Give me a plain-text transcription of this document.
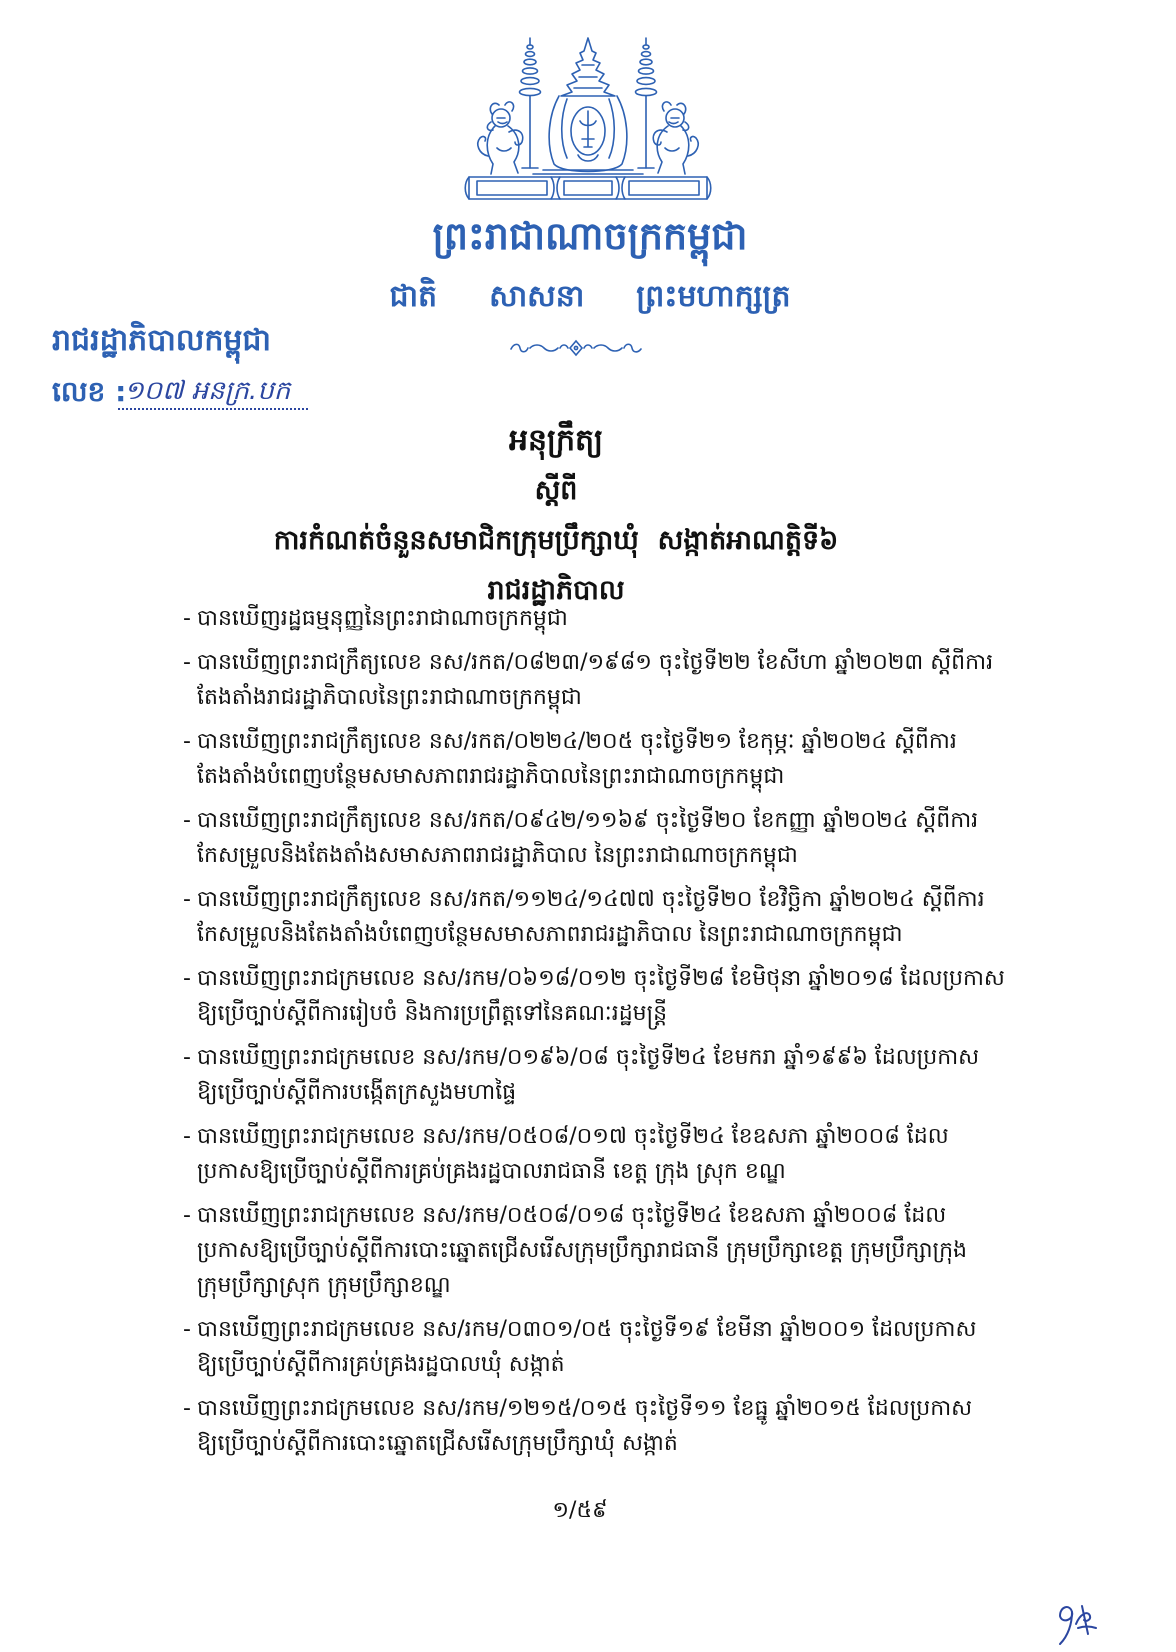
ព្រះរាជាណាចក្រកម្ពុជា
ជាតិ សាសនា ព្រះមហាក្សត្រ
រាជរដ្ឋាភិបាលកម្ពុជា
លេខ :
១០៧ អនក្រ.បក
អនុក្រឹត្យ
ស្តីពី
ការកំណត់ចំនួនសមាជិកក្រុមប្រឹក្សាឃុំ  សង្កាត់អាណត្តិទី៦
រាជរដ្ឋាភិបាល
- បានឃើញរដ្ឋធម្មនុញ្ញនៃព្រះរាជាណាចក្រកម្ពុជា
- បានឃើញព្រះរាជក្រឹត្យលេខ នស/រកត/០៨២៣/១៩៨១ ចុះថ្ងៃទី២២ ខែសីហា ឆ្នាំ២០២៣ ស្តីពីការ
តែងតាំងរាជរដ្ឋាភិបាលនៃព្រះរាជាណាចក្រកម្ពុជា
- បានឃើញព្រះរាជក្រឹត្យលេខ នស/រកត/០២២៤/២០៥ ចុះថ្ងៃទី២១ ខែកុម្ភៈ ឆ្នាំ២០២៤ ស្តីពីការ
តែងតាំងបំពេញបន្ថែមសមាសភាពរាជរដ្ឋាភិបាលនៃព្រះរាជាណាចក្រកម្ពុជា
- បានឃើញព្រះរាជក្រឹត្យលេខ នស/រកត/០៩៤២/១១៦៩ ចុះថ្ងៃទី២០ ខែកញ្ញា ឆ្នាំ២០២៤ ស្តីពីការ
កែសម្រួលនិងតែងតាំងសមាសភាពរាជរដ្ឋាភិបាល នៃព្រះរាជាណាចក្រកម្ពុជា
- បានឃើញព្រះរាជក្រឹត្យលេខ នស/រកត/១១២៤/១៤៧៧ ចុះថ្ងៃទី២០ ខែវិច្ឆិកា ឆ្នាំ២០២៤ ស្តីពីការ
កែសម្រួលនិងតែងតាំងបំពេញបន្ថែមសមាសភាពរាជរដ្ឋាភិបាល នៃព្រះរាជាណាចក្រកម្ពុជា
- បានឃើញព្រះរាជក្រមលេខ នស/រកម/០៦១៨/០១២ ចុះថ្ងៃទី២៨ ខែមិថុនា ឆ្នាំ២០១៨ ដែលប្រកាស
ឱ្យប្រើច្បាប់ស្តីពីការរៀបចំ និងការប្រព្រឹត្តទៅនៃគណៈរដ្ឋមន្ត្រី
- បានឃើញព្រះរាជក្រមលេខ នស/រកម/០១៩៦/០៨ ចុះថ្ងៃទី២៤ ខែមករា ឆ្នាំ១៩៩៦ ដែលប្រកាស
ឱ្យប្រើច្បាប់ស្តីពីការបង្កើតក្រសួងមហាផ្ទៃ
- បានឃើញព្រះរាជក្រមលេខ នស/រកម/០៥០៨/០១៧ ចុះថ្ងៃទី២៤ ខែឧសភា ឆ្នាំ២០០៨ ដែល
ប្រកាសឱ្យប្រើច្បាប់ស្តីពីការគ្រប់គ្រងរដ្ឋបាលរាជធានី ខេត្ត ក្រុង ស្រុក ខណ្ឌ
- បានឃើញព្រះរាជក្រមលេខ នស/រកម/០៥០៨/០១៨ ចុះថ្ងៃទី២៤ ខែឧសភា ឆ្នាំ២០០៨ ដែល
ប្រកាសឱ្យប្រើច្បាប់ស្តីពីការបោះឆ្នោតជ្រើសរើសក្រុមប្រឹក្សារាជធានី ក្រុមប្រឹក្សាខេត្ត ក្រុមប្រឹក្សាក្រុង
ក្រុមប្រឹក្សាស្រុក ក្រុមប្រឹក្សាខណ្ឌ
- បានឃើញព្រះរាជក្រមលេខ នស/រកម/០៣០១/០៥ ចុះថ្ងៃទី១៩ ខែមីនា ឆ្នាំ២០០១ ដែលប្រកាស
ឱ្យប្រើច្បាប់ស្តីពីការគ្រប់គ្រងរដ្ឋបាលឃុំ សង្កាត់
- បានឃើញព្រះរាជក្រមលេខ នស/រកម/១២១៥/០១៥ ចុះថ្ងៃទី១១ ខែធ្នូ ឆ្នាំ២០១៥ ដែលប្រកាស
ឱ្យប្រើច្បាប់ស្តីពីការបោះឆ្នោតជ្រើសរើសក្រុមប្រឹក្សាឃុំ សង្កាត់
១/៥៩
